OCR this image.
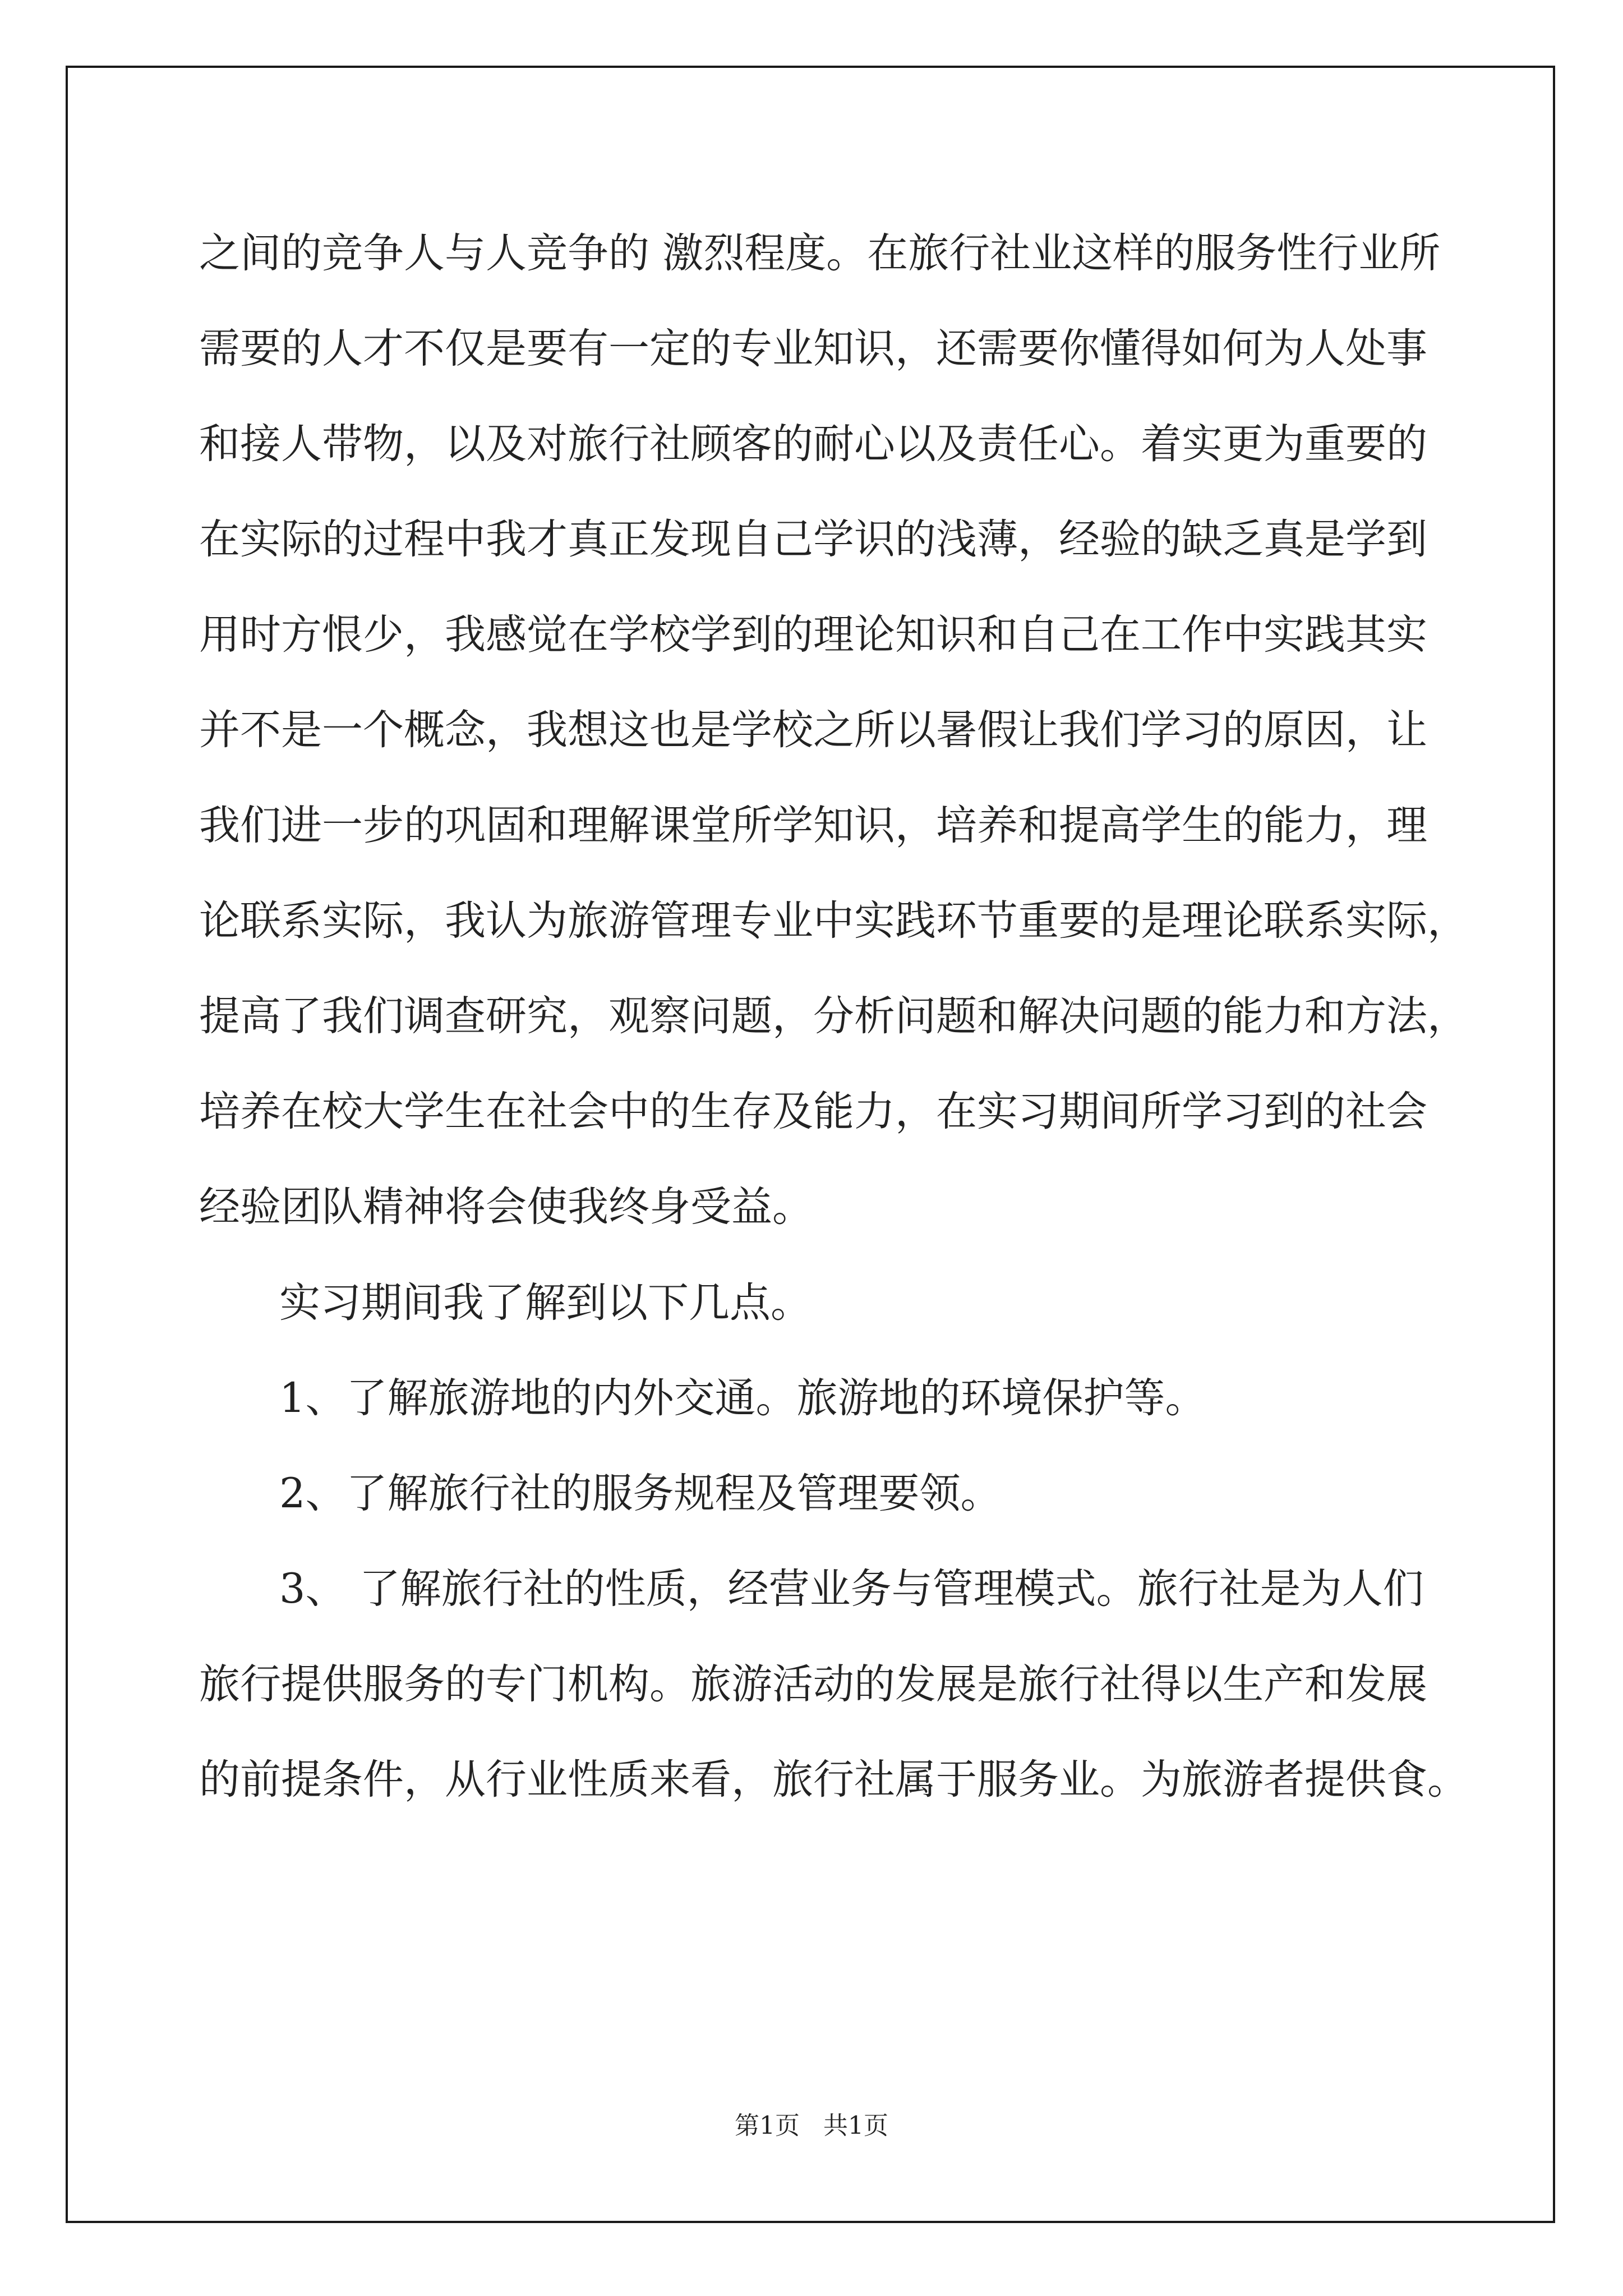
之间的竞争人与人竞争的 激烈程度。在旅行社业这样的服务性行业所

需要的人才不仅是要有一定的专业知识，还需要你懂得如何为人处事

和接人带物，以及对旅行社顾客的耐心以及责任心。着实更为重要的

在实际的过程中我才真正发现自己学识的浅薄，经验的缺乏真是学到

用时方恨少，我感觉在学校学到的理论知识和自己在工作中实践其实

并不是一个概念，我想这也是学校之所以暑假让我们学习的原因，让

我们进一步的巩固和理解课堂所学知识，培养和提高学生的能力，理

论联系实际，我认为旅游管理专业中实践环节重要的是理论联系实际，

提高了我们调查研究，观察问题，分析问题和解决问题的能力和方法，

培养在校大学生在社会中的生存及能力，在实习期间所学习到的社会

经验团队精神将会使我终身受益。

实习期间我了解到以下几点。

1、了解旅游地的内外交通。旅游地的环境保护等。

2、了解旅行社的服务规程及管理要领。

3、 了解旅行社的性质，经营业务与管理模式。旅行社是为人们

旅行提供服务的专门机构。旅游活动的发展是旅行社得以生产和发展

的前提条件，从行业性质来看，旅行社属于服务业。为旅游者提供食。

第1页   共1页
